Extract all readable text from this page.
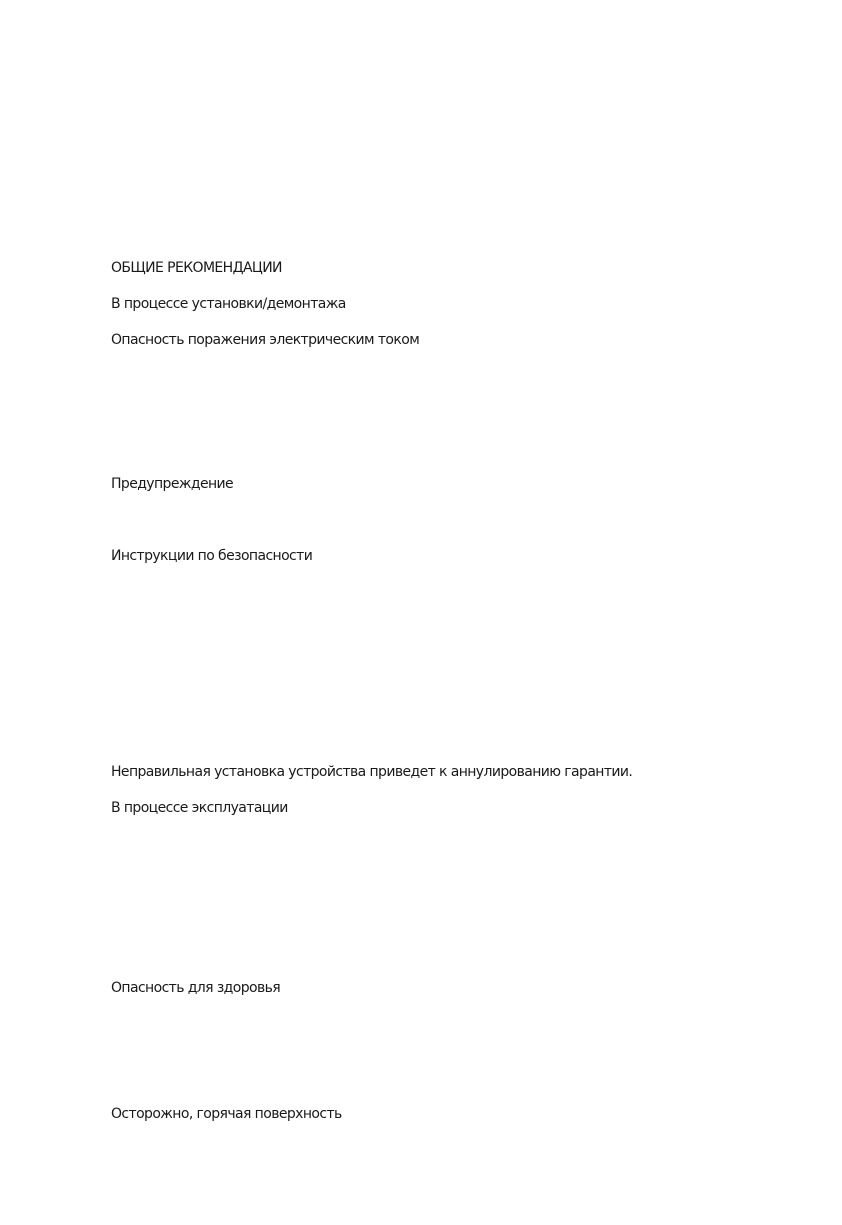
ОБЩИЕ РЕКОМЕНДАЦИИ
В процессе установки/демонтажа
Опасность поражения электрическим током
Предупреждение
Инструкции по безопасности
Неправильная установка устройства приведет к аннулированию гарантии.
В процессе эксплуатации
Опасность для здоровья
Осторожно, горячая поверхность
